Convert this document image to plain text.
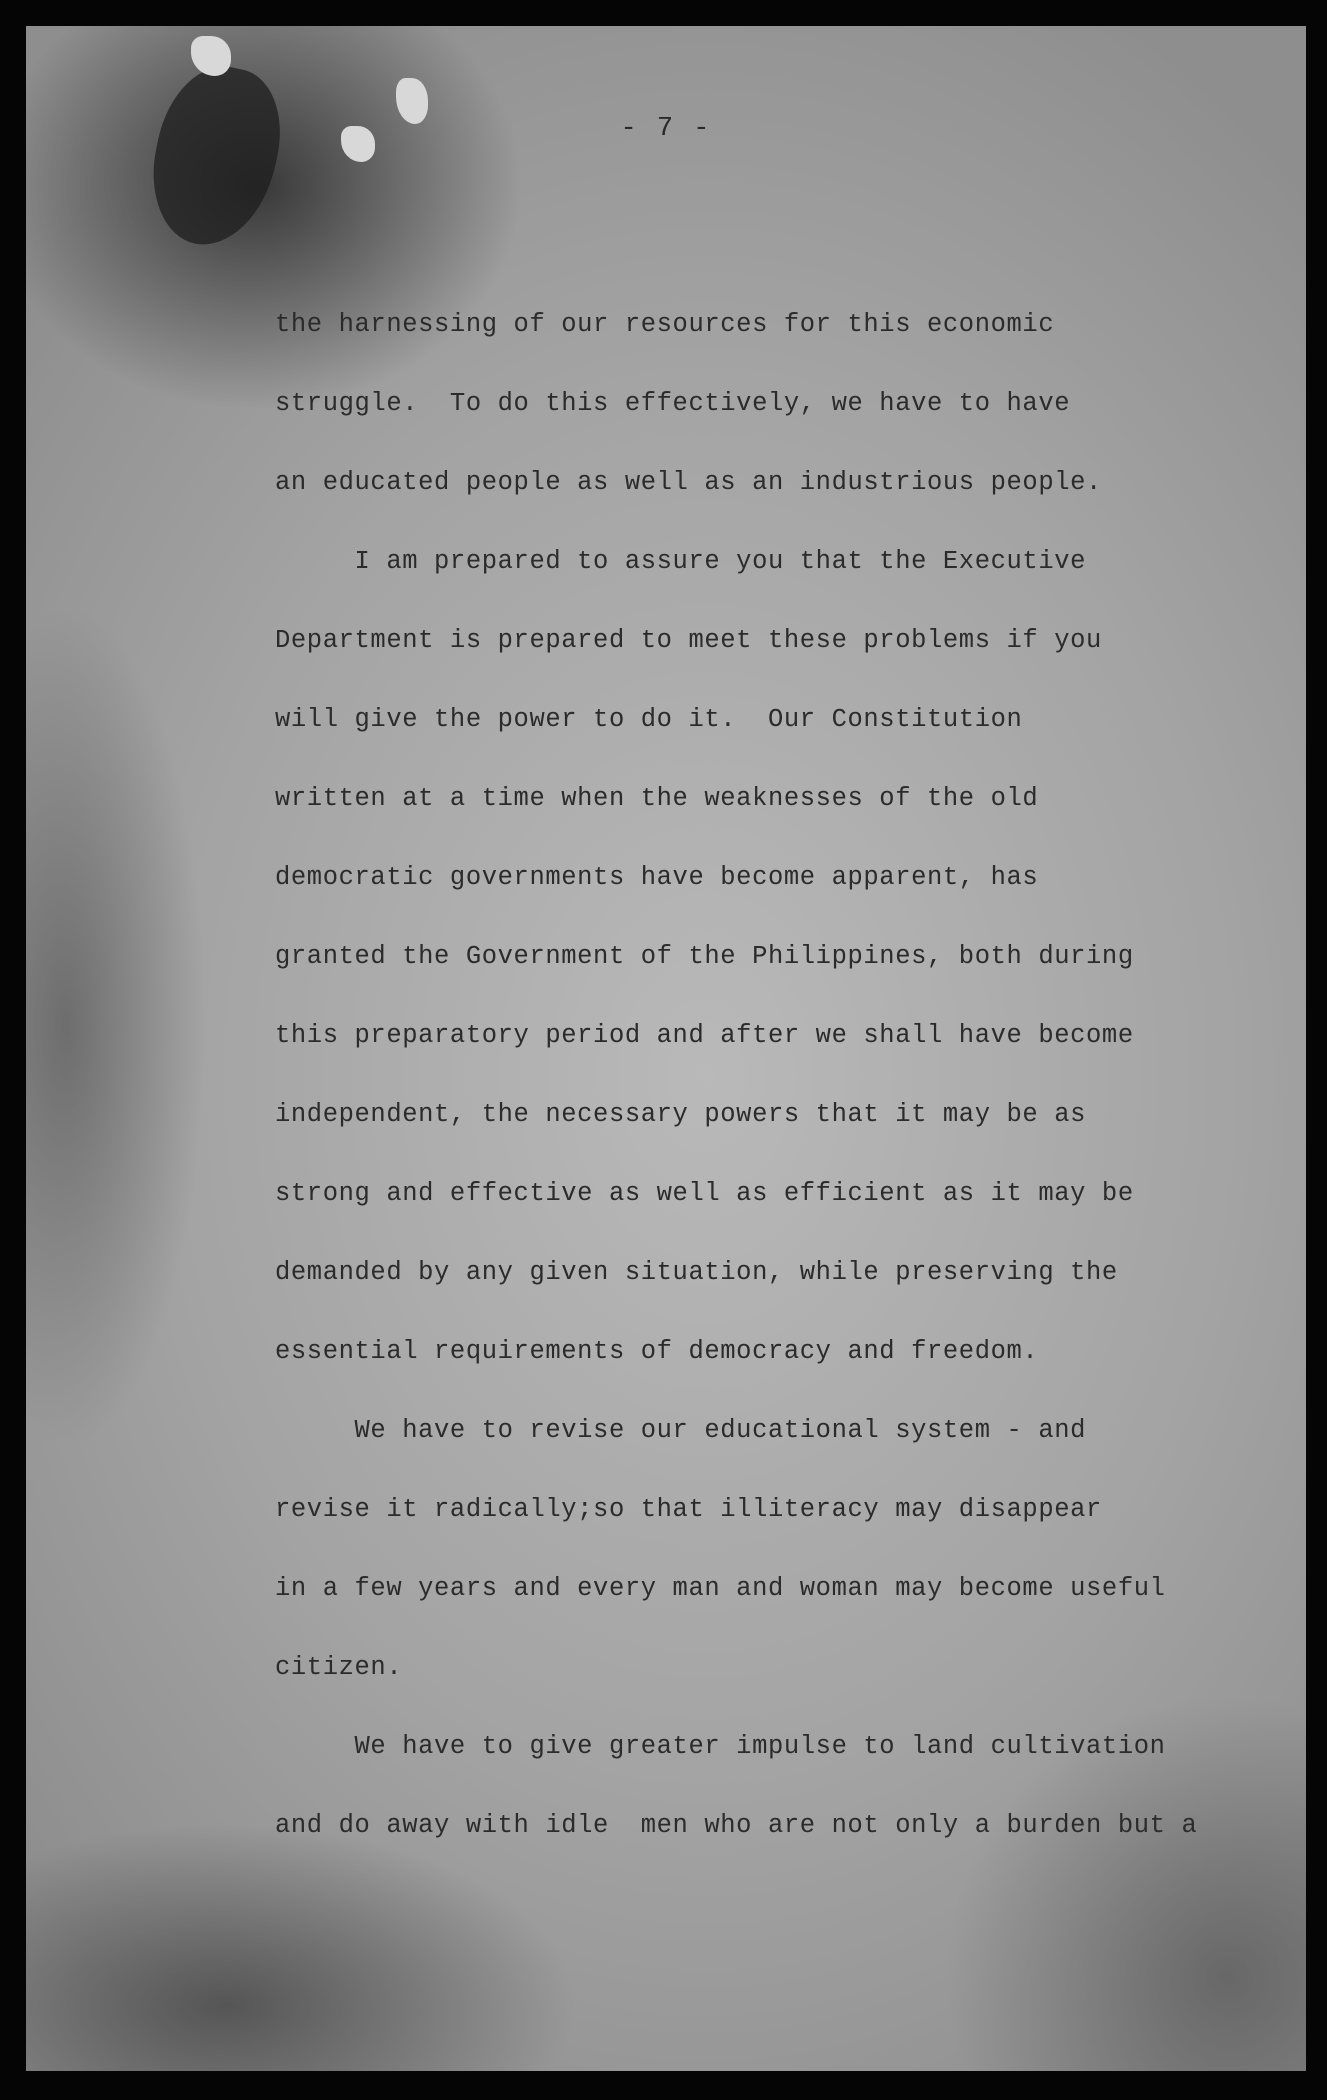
- 7 -
the harnessing of our resources for this economic
struggle.  To do this effectively, we have to have
an educated people as well as an industrious people.
I am prepared to assure you that the Executive
Department is prepared to meet these problems if you
will give the power to do it.  Our Constitution
written at a time when the weaknesses of the old
democratic governments have become apparent, has
granted the Government of the Philippines, both during
this preparatory period and after we shall have become
independent, the necessary powers that it may be as
strong and effective as well as efficient as it may be
demanded by any given situation, while preserving the
essential requirements of democracy and freedom.
We have to revise our educational system - and
revise it radically;so that illiteracy may disappear
in a few years and every man and woman may become useful
citizen.
We have to give greater impulse to land cultivation
and do away with idle  men who are not only a burden but a
